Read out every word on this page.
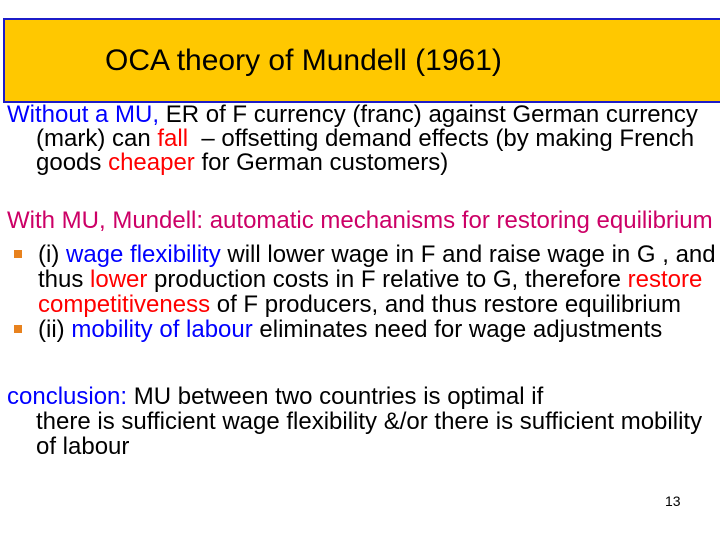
OCA theory of Mundell (1961)
Without a MU, ER of F currency (franc) against German currency
(mark) can fall  – offsetting demand effects (by making French
goods cheaper for German customers)
With MU, Mundell: automatic mechanisms for restoring equilibrium
(i) wage flexibility will lower wage in F and raise wage in G , and
thus lower production costs in F relative to G, therefore restore
competitiveness of F producers, and thus restore equilibrium
(ii) mobility of labour eliminates need for wage adjustments
conclusion: MU between two countries is optimal if
there is sufficient wage flexibility &/or there is sufficient mobility
of labour
13
